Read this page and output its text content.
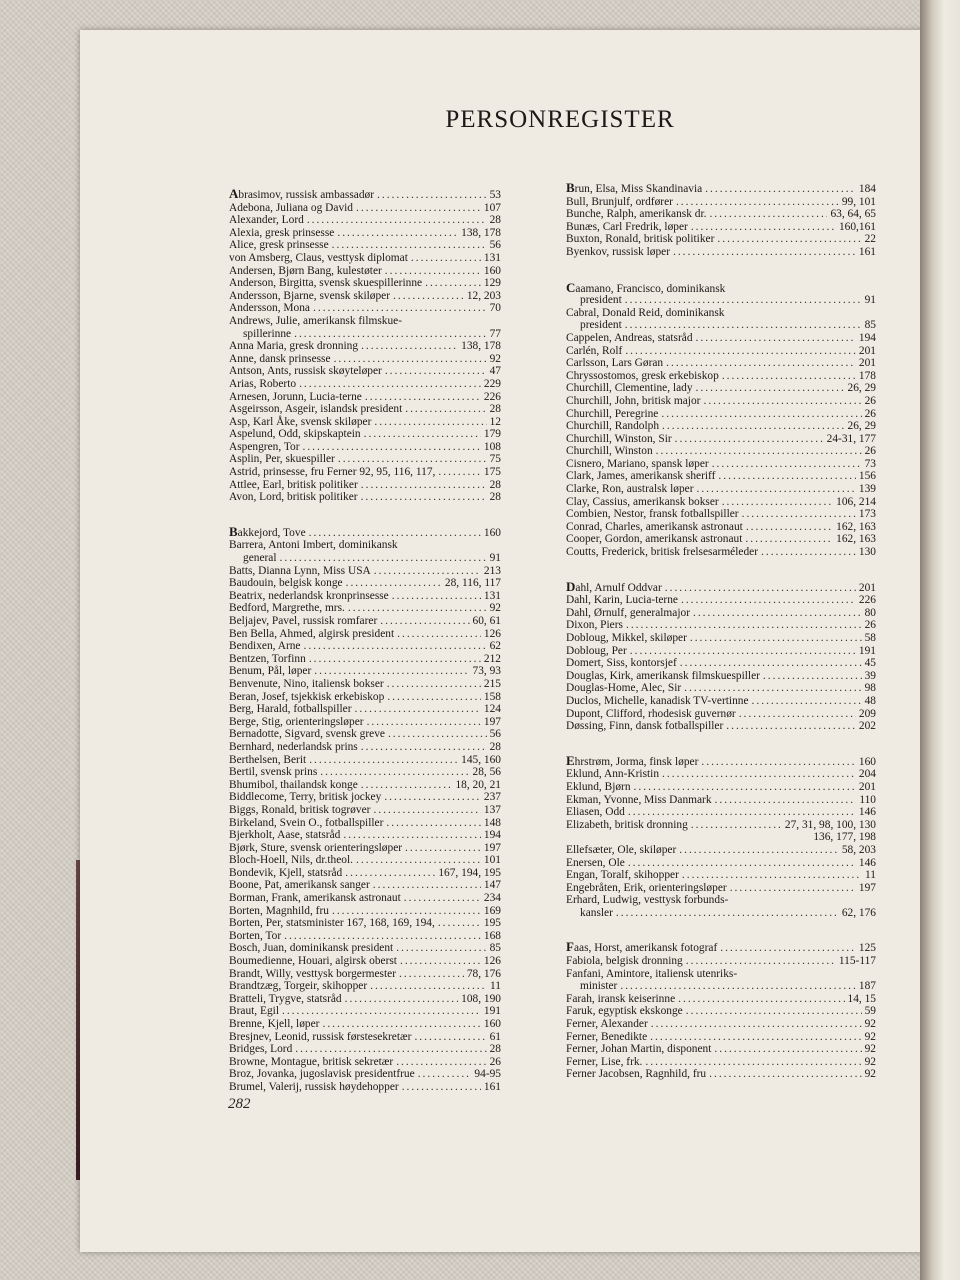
PERSONREGISTER
Abrasimov, russisk ambassadør .....	53
Adebona, Juliana og David .....	107
Alexander, Lord .....	28
Alexia, gresk prinsesse .....	138, 178
Alice, gresk prinsesse .....	56
von Amsberg, Claus, vesttysk diplomat .....	131
Andersen, Bjørn Bang, kulestøter .....	160
Anderson, Birgitta, svensk skuespillerinne .....	129
Andersson, Bjarne, svensk skiløper .....	12, 203
Andersson, Mona .....	70
Andrews, Julie, amerikansk filmskue-
spillerinne .....	77
Anna Maria, gresk dronning .....	138, 178
Anne, dansk prinsesse .....	92
Antson, Ants, russisk skøyteløper .....	47
Arias, Roberto .....	229
Arnesen, Jorunn, Lucia-terne .....	226
Asgeirsson, Asgeir, islandsk president .....	28
Asp, Karl Åke, svensk skiløper .....	12
Aspelund, Odd, skipskaptein .....	179
Aspengren, Tor .....	108
Asplin, Per, skuespiller .....	75
Astrid, prinsesse, fru Ferner 92, 95, 116, 117, .....	175
Attlee, Earl, britisk politiker .....	28
Avon, Lord, britisk politiker .....	28
Bakkejord, Tove .....	160
Barrera, Antoni Imbert, dominikansk
general .....	91
Batts, Dianna Lynn, Miss USA .....	213
Baudouin, belgisk konge .....	28, 116, 117
Beatrix, nederlandsk kronprinsesse .....	131
Bedford, Margrethe, mrs. .....	92
Beljajev, Pavel, russisk romfarer .....	60, 61
Ben Bella, Ahmed, algirsk president .....	126
Bendixen, Arne .....	62
Bentzen, Torfinn .....	212
Benum, Pål, løper .....	73, 93
Benvenute, Nino, italiensk bokser .....	215
Beran, Josef, tsjekkisk erkebiskop .....	158
Berg, Harald, fotballspiller .....	124
Berge, Stig, orienteringsløper .....	197
Bernadotte, Sigvard, svensk greve .....	56
Bernhard, nederlandsk prins .....	28
Berthelsen, Berit .....	145, 160
Bertil, svensk prins .....	28, 56
Bhumibol, thailandsk konge .....	18, 20, 21
Biddlecome, Terry, britisk jockey .....	237
Biggs, Ronald, britisk togrøver .....	137
Birkeland, Svein O., fotballspiller .....	148
Bjerkholt, Aase, statsråd .....	194
Bjørk, Sture, svensk orienteringsløper .....	197
Bloch-Hoell, Nils, dr.theol. .....	101
Bondevik, Kjell, statsråd .....	167, 194, 195
Boone, Pat, amerikansk sanger .....	147
Borman, Frank, amerikansk astronaut .....	234
Borten, Magnhild, fru .....	169
Borten, Per, statsminister 167, 168, 169, 194, .....	195
Borten, Tor .....	168
Bosch, Juan, dominikansk president .....	85
Boumedienne, Houari, algirsk oberst .....	126
Brandt, Willy, vesttysk borgermester .....	78, 176
Brandtzæg, Torgeir, skihopper .....	11
Bratteli, Trygve, statsråd .....	108, 190
Braut, Egil .....	191
Brenne, Kjell, løper .....	160
Bresjnev, Leonid, russisk førstesekretær .....	61
Bridges, Lord .....	28
Browne, Montague, britisk sekretær .....	26
Broz, Jovanka, jugoslavisk presidentfrue .....	94-95
Brumel, Valerij, russisk høydehopper .....	161
Brun, Elsa, Miss Skandinavia .....	184
Bull, Brunjulf, ordfører .....	99, 101
Bunche, Ralph, amerikansk dr. .....	63, 64, 65
Bunæs, Carl Fredrik, løper .....	160,161
Buxton, Ronald, britisk politiker .....	22
Byenkov, russisk løper .....	161
Caamano, Francisco, dominikansk
president .....	91
Cabral, Donald Reid, dominikansk
president .....	85
Cappelen, Andreas, statsråd .....	194
Carlén, Rolf .....	201
Carlsson, Lars Gøran .....	201
Chryssostomos, gresk erkebiskop .....	178
Churchill, Clementine, lady .....	26, 29
Churchill, John, britisk major .....	26
Churchill, Peregrine .....	26
Churchill, Randolph .....	26, 29
Churchill, Winston, Sir .....	24-31, 177
Churchill, Winston .....	26
Cisnero, Mariano, spansk løper .....	73
Clark, James, amerikansk sheriff .....	156
Clarke, Ron, australsk løper .....	139
Clay, Cassius, amerikansk bokser .....	106, 214
Combien, Nestor, fransk fotballspiller .....	173
Conrad, Charles, amerikansk astronaut .....	162, 163
Cooper, Gordon, amerikansk astronaut .....	162, 163
Coutts, Frederick, britisk frelsesarméleder .....	130
Dahl, Arnulf Oddvar .....	201
Dahl, Karin, Lucia-terne .....	226
Dahl, Ørnulf, generalmajor .....	80
Dixon, Piers .....	26
Dobloug, Mikkel, skiløper .....	58
Dobloug, Per .....	191
Domert, Siss, kontorsjef .....	45
Douglas, Kirk, amerikansk filmskuespiller .....	39
Douglas-Home, Alec, Sir .....	98
Duclos, Michelle, kanadisk TV-vertinne .....	48
Dupont, Clifford, rhodesisk guvernør .....	209
Døssing, Finn, dansk fotballspiller .....	202
Ehrstrøm, Jorma, finsk løper .....	160
Eklund, Ann-Kristin .....	204
Eklund, Bjørn .....	201
Ekman, Yvonne, Miss Danmark .....	110
Eliasen, Odd .....	146
Elizabeth, britisk dronning .....	27, 31, 98, 100, 130
136, 177, 198
Ellefsæter, Ole, skiløper .....	58, 203
Enersen, Ole .....	146
Engan, Toralf, skihopper .....	11
Engebråten, Erik, orienteringsløper .....	197
Erhard, Ludwig, vesttysk forbunds-
kansler .....	62, 176
Faas, Horst, amerikansk fotograf .....	125
Fabiola, belgisk dronning .....	115-117
Fanfani, Amintore, italiensk utenriks-
minister .....	187
Farah, iransk keiserinne .....	14, 15
Faruk, egyptisk ekskonge .....	59
Ferner, Alexander .....	92
Ferner, Benedikte .....	92
Ferner, Johan Martin, disponent .....	92
Ferner, Lise, frk. .....	92
Ferner Jacobsen, Ragnhild, fru .....	92
282
